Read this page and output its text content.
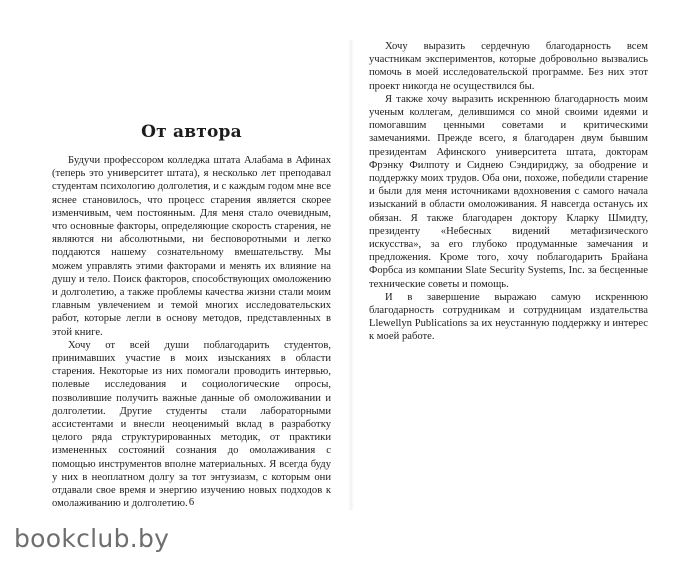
От автора

Будучи профессором колледжа штата Алабама в Афинах (теперь это университет штата), я несколько лет преподавал студентам психологию долголетия, и с каждым годом мне все яснее становилось, что процесс старения является скорее изменчивым, чем постоянным. Для меня стало очевидным, что основные факторы, определяющие скорость старения, не являются ни абсолютными, ни бесповоротными и легко поддаются нашему сознательному вмешательству. Мы можем управлять этими факторами и менять их влияние на душу и тело. Поиск факторов, способствующих омоложению и долголетию, а также проблемы качества жизни стали моим главным увлечением и темой многих исследовательских работ, которые легли в основу методов, представленных в этой книге.

Хочу от всей души поблагодарить студентов, принимавших участие в моих изысканиях в области старения. Некоторые из них помогали проводить интервью, полевые исследования и социологические опросы, позволившие получить важные данные об омоложивании и долголетии. Другие студенты стали лабораторными ассистентами и внесли неоценимый вклад в разработку целого ряда структурированных методик, от практики измененных состояний сознания до омолаживания с помощью инструментов вполне материальных. Я всегда буду у них в неоплатном долгу за тот энтузиазм, с которым они отдавали свое время и энергию изучению новых подходов к омолаживанию и долголетию. 6

Хочу выразить сердечную благодарность всем участникам экспериментов, которые добровольно вызвались помочь в моей исследовательской программе. Без них этот проект никогда не осуществился бы.

Я также хочу выразить искреннюю благодарность моим ученым коллегам, делившимся со мной своими идеями и помогавшим ценными советами и критическими замечаниями. Прежде всего, я благодарен двум бывшим президентам Афинского университета штата, докторам Фрэнку Филпоту и Сиднею Сэндириджу, за ободрение и поддержку моих трудов. Оба они, похоже, победили старение и были для меня источниками вдохновения с самого начала изысканий в области омоложивания. Я навсегда останусь их обязан. Я также благодарен доктору Кларку Шмидту, президенту «Небесных видений метафизического искусства», за его глубоко продуманные замечания и предложения. Кроме того, хочу поблагодарить Брайана Форбса из компании Slate Security Systems, Inc. за бесценные технические советы и помощь.

И в завершение выражаю самую искреннюю благодарность сотрудникам и сотрудницам издательства Llewellyn Publications за их неустанную поддержку и интерес к моей работе.

bookclub.by
